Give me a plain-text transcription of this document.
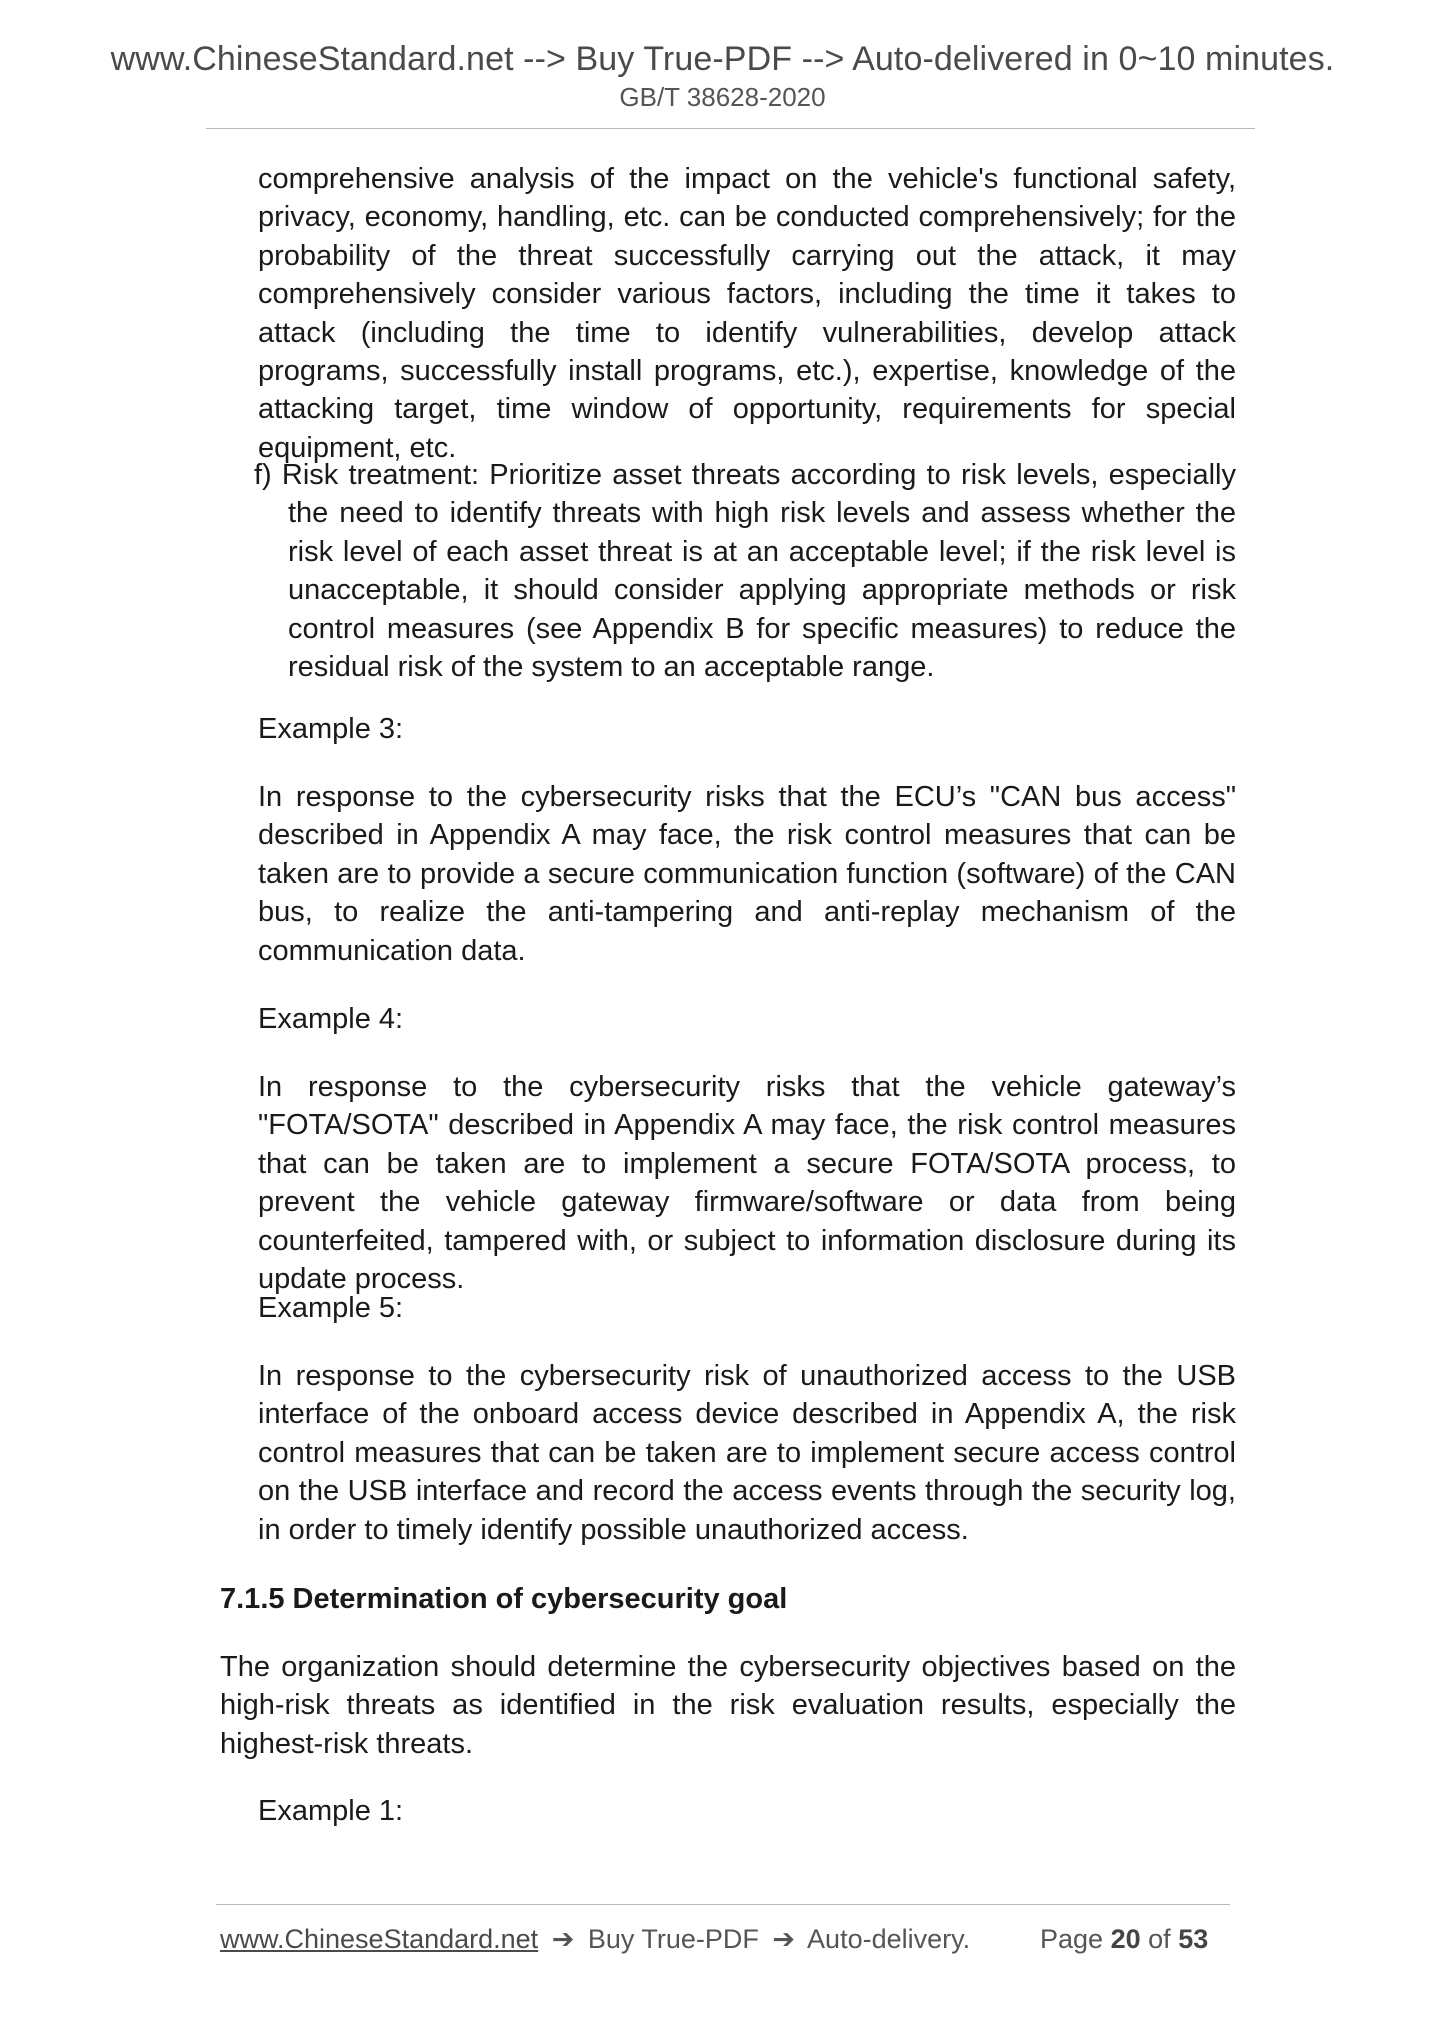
www.ChineseStandard.net --> Buy True-PDF --> Auto-delivered in 0~10 minutes.
GB/T 38628-2020

comprehensive analysis of the impact on the vehicle's functional safety, privacy, economy, handling, etc. can be conducted comprehensively; for the probability of the threat successfully carrying out the attack, it may comprehensively consider various factors, including the time it takes to attack (including the time to identify vulnerabilities, develop attack programs, successfully install programs, etc.), expertise, knowledge of the attacking target, time window of opportunity, requirements for special equipment, etc.

f) Risk treatment: Prioritize asset threats according to risk levels, especially the need to identify threats with high risk levels and assess whether the risk level of each asset threat is at an acceptable level; if the risk level is unacceptable, it should consider applying appropriate methods or risk control measures (see Appendix B for specific measures) to reduce the residual risk of the system to an acceptable range.
Example 3:

In response to the cybersecurity risks that the ECU’s "CAN bus access" described in Appendix A may face, the risk control measures that can be taken are to provide a secure communication function (software) of the CAN bus, to realize the anti-tampering and anti-replay mechanism of the communication data.

Example 4:

In response to the cybersecurity risks that the vehicle gateway’s "FOTA/SOTA" described in Appendix A may face, the risk control measures that can be taken are to implement a secure FOTA/SOTA process, to prevent the vehicle gateway firmware/software or data from being counterfeited, tampered with, or subject to information disclosure during its update process.

Example 5:

In response to the cybersecurity risk of unauthorized access to the USB interface of the onboard access device described in Appendix A, the risk control measures that can be taken are to implement secure access control on the USB interface and record the access events through the security log, in order to timely identify possible unauthorized access.

7.1.5 Determination of cybersecurity goal

The organization should determine the cybersecurity objectives based on the high-risk threats as identified in the risk evaluation results, especially the highest-risk threats.

Example 1:
www.ChineseStandard.net ➔ Buy True-PDF ➔ Auto-delivery.	Page 20 of 53
